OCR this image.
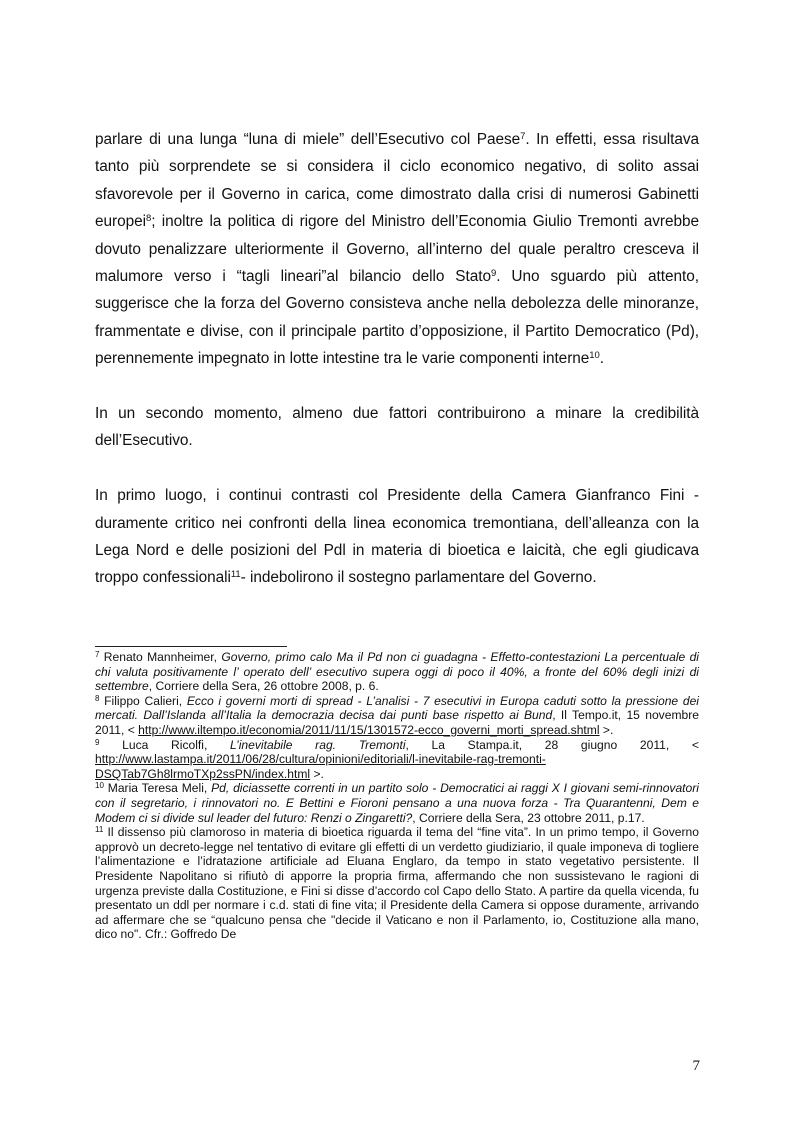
parlare di una lunga “luna di miele” dell’Esecutivo col Paese$^7$. In effetti, essa risultava tanto più sorprendete se si considera il ciclo economico negativo, di solito assai sfavorevole per il Governo in carica, come dimostrato dalla crisi di numerosi Gabinetti europei$^8$; inoltre la politica di rigore del Ministro dell’Economia Giulio Tremonti avrebbe dovuto penalizzare ulteriormente il Governo, all’interno del quale peraltro cresceva il malumore verso i “tagli lineari”al bilancio dello Stato$^9$. Uno sguardo più attento, suggerisce che la forza del Governo consisteva anche nella debolezza delle minoranze, frammentate e divise, con il principale partito d’opposizione, il Partito Democratico (Pd), perennemente impegnato in lotte intestine tra le varie componenti interne$^{10}$.

In un secondo momento, almeno due fattori contribuirono a minare la credibilità dell’Esecutivo.

In primo luogo, i continui contrasti col Presidente della Camera Gianfranco Fini - duramente critico nei confronti della linea economica tremontiana, dell’alleanza con la Lega Nord e delle posizioni del Pdl in materia di bioetica e laicità, che egli giudicava troppo confessionali$^{11}$- indebolirono il sostegno parlamentare del Governo.

$^7$ Renato Mannheimer, Governo, primo calo Ma il Pd non ci guadagna - Effetto-contestazioni La percentuale di chi valuta positivamente l’ operato dell’ esecutivo supera oggi di poco il 40%, a fronte del 60% degli inizi di settembre, Corriere della Sera, 26 ottobre 2008, p. 6.

$^8$ Filippo Calieri, Ecco i governi morti di spread - L’analisi - 7 esecutivi in Europa caduti sotto la pressione dei mercati. Dall’Islanda all’Italia la democrazia decisa dai punti base rispetto ai Bund, Il Tempo.it, 15 novembre 2011, < http://www.iltempo.it/economia/2011/11/15/1301572-ecco_governi_morti_spread.shtml >.

$^9$ Luca Ricolfi, L’inevitabile rag. Tremonti, La Stampa.it, 28 giugno 2011, < http://www.lastampa.it/2011/06/28/cultura/opinioni/editoriali/l-inevitabile-rag-tremonti-DSQTab7Gh8lrmoTXp2ssPN/index.html >.

$^{10}$ Maria Teresa Meli, Pd, diciassette correnti in un partito solo - Democratici ai raggi X I giovani semi-rinnovatori con il segretario, i rinnovatori no. E Bettini e Fioroni pensano a una nuova forza - Tra Quarantenni, Dem e Modem ci si divide sul leader del futuro: Renzi o Zingaretti?, Corriere della Sera, 23 ottobre 2011, p.17.

$^{11}$ Il dissenso più clamoroso in materia di bioetica riguarda il tema del “fine vita”. In un primo tempo, il Governo approvò un decreto-legge nel tentativo di evitare gli effetti di un verdetto giudiziario, il quale imponeva di togliere l’alimentazione e l’idratazione artificiale ad Eluana Englaro, da tempo in stato vegetativo persistente. Il Presidente Napolitano si rifiutò di apporre la propria firma, affermando che non sussistevano le ragioni di urgenza previste dalla Costituzione, e Fini si disse d’accordo col Capo dello Stato. A partire da quella vicenda, fu presentato un ddl per normare i c.d. stati di fine vita; il Presidente della Camera si oppose duramente, arrivando ad affermare che se “qualcuno pensa che "decide il Vaticano e non il Parlamento, io, Costituzione alla mano, dico no". Cfr.: Goffredo De

7
